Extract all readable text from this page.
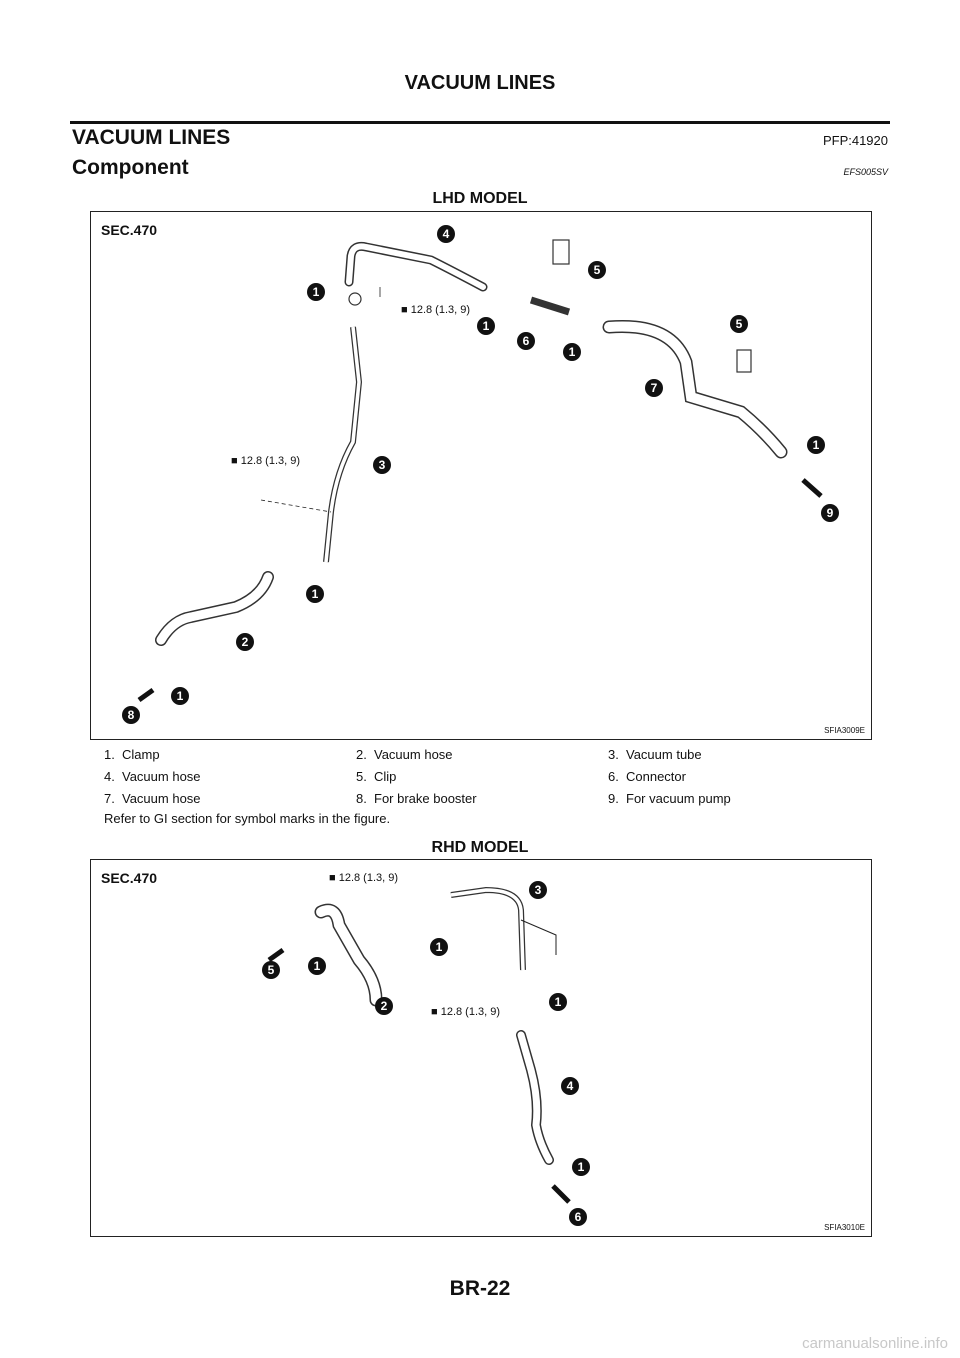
VACUUM LINES
VACUUM LINES	PFP:41920
Component	EFS005SV
LHD MODEL
SEC.470
■ 12.8 (1.3, 9)
■ 12.8 (1.3, 9)
SFIA3009E
4
5
1
1
6
1
5
7
1
3
9
1
2
1
8
1. Clamp	2. Vacuum hose	3. Vacuum tube
4. Vacuum hose	5. Clip	6. Connector
7. Vacuum hose	8. For brake booster	9. For vacuum pump
Refer to GI section for symbol marks in the figure.
RHD MODEL
SEC.470	■ 12.8 (1.3, 9)
■ 12.8 (1.3, 9)
SFIA3010E
3
1
5	1
2	1
4
1
6
BR-22
carmanualsonline.info
